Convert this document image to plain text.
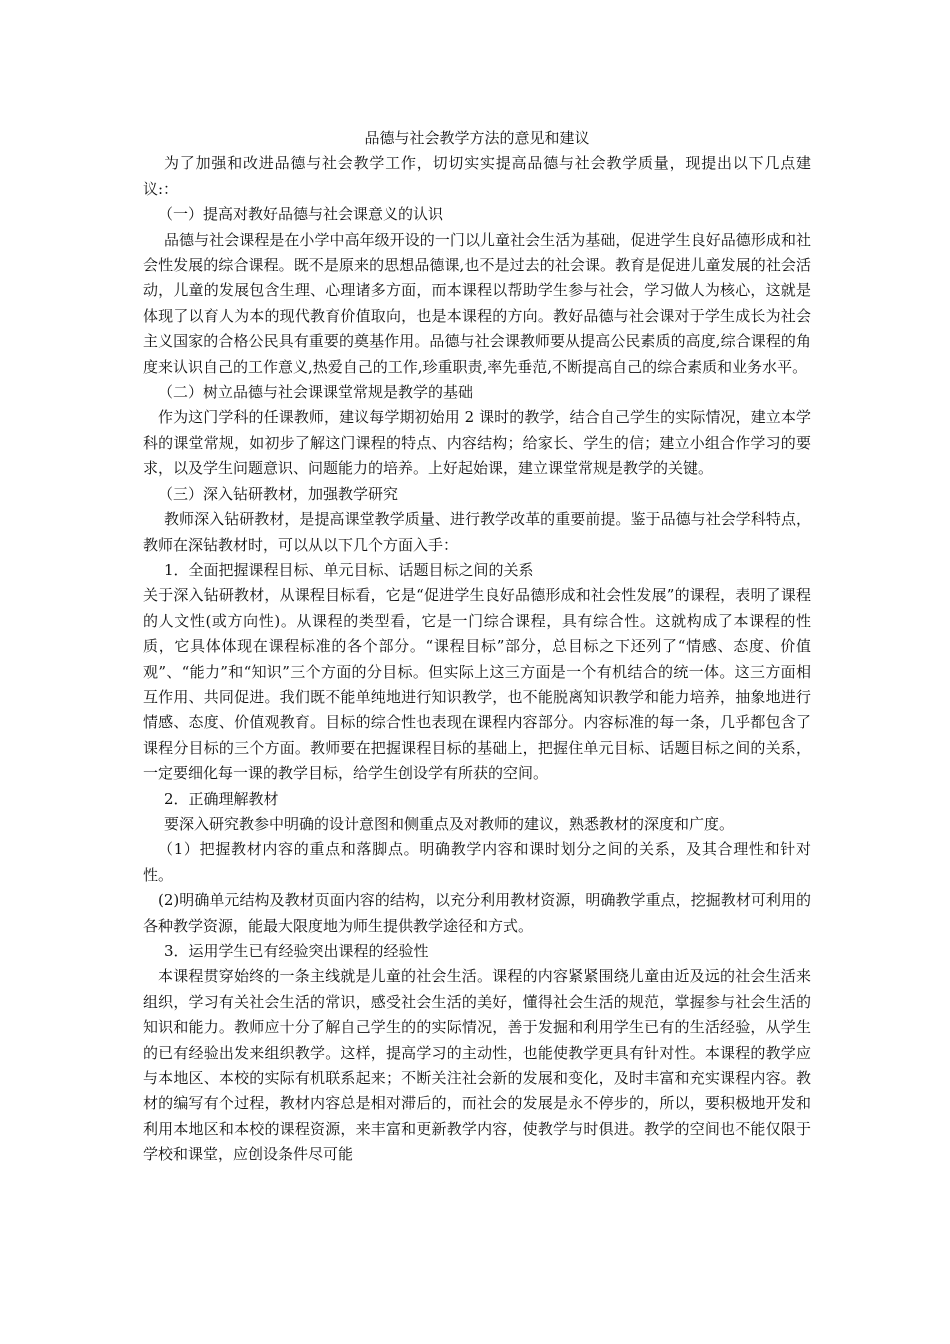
品德与社会教学方法的意见和建议

为了加强和改进品德与社会教学工作，切切实实提高品德与社会教学质量，现提出以下几点建议:：

（一）提高对教好品德与社会课意义的认识

品德与社会课程是在小学中高年级开设的一门以儿童社会生活为基础，促进学生良好品德形成和社会性发展的综合课程。既不是原来的思想品德课,也不是过去的社会课。教育是促进儿童发展的社会活动，儿童的发展包含生理、心理诸多方面，而本课程以帮助学生参与社会，学习做人为核心，这就是体现了以育人为本的现代教育价值取向，也是本课程的方向。教好品德与社会课对于学生成长为社会主义国家的合格公民具有重要的奠基作用。品德与社会课教师要从提高公民素质的高度,综合课程的角度来认识自己的工作意义,热爱自己的工作,珍重职责,率先垂范,不断提高自己的综合素质和业务水平。

（二）树立品德与社会课课堂常规是教学的基础

作为这门学科的任课教师，建议每学期初始用 2 课时的教学，结合自己学生的实际情况，建立本学科的课堂常规，如初步了解这门课程的特点、内容结构；给家长、学生的信；建立小组合作学习的要求，以及学生问题意识、问题能力的培养。上好起始课，建立课堂常规是教学的关键。

（三）深入钻研教材，加强教学研究

教师深入钻研教材，是提高课堂教学质量、进行教学改革的重要前提。鉴于品德与社会学科特点，教师在深钻教材时，可以从以下几个方面入手：

1．全面把握课程目标、单元目标、话题目标之间的关系

关于深入钻研教材，从课程目标看，它是“促进学生良好品德形成和社会性发展”的课程，表明了课程的人文性(或方向性)。从课程的类型看，它是一门综合课程，具有综合性。这就构成了本课程的性质，它具体体现在课程标准的各个部分。“课程目标”部分，总目标之下还列了“情感、态度、价值观”、“能力”和“知识”三个方面的分目标。但实际上这三方面是一个有机结合的统一体。这三方面相互作用、共同促进。我们既不能单纯地进行知识教学，也不能脱离知识教学和能力培养，抽象地进行情感、态度、价值观教育。目标的综合性也表现在课程内容部分。内容标准的每一条，几乎都包含了课程分目标的三个方面。教师要在把握课程目标的基础上，把握住单元目标、话题目标之间的关系，一定要细化每一课的教学目标，给学生创设学有所获的空间。

2．正确理解教材

要深入研究教参中明确的设计意图和侧重点及对教师的建议，熟悉教材的深度和广度。

（1）把握教材内容的重点和落脚点。明确教学内容和课时划分之间的关系，及其合理性和针对性。

(2)明确单元结构及教材页面内容的结构，以充分利用教材资源，明确教学重点，挖掘教材可利用的各种教学资源，能最大限度地为师生提供教学途径和方式。

3．运用学生已有经验突出课程的经验性

本课程贯穿始终的一条主线就是儿童的社会生活。课程的内容紧紧围绕儿童由近及远的社会生活来组织，学习有关社会生活的常识，感受社会生活的美好，懂得社会生活的规范，掌握参与社会生活的知识和能力。教师应十分了解自己学生的的实际情况，善于发掘和利用学生已有的生活经验，从学生的已有经验出发来组织教学。这样，提高学习的主动性，也能使教学更具有针对性。本课程的教学应与本地区、本校的实际有机联系起来；不断关注社会新的发展和变化，及时丰富和充实课程内容。教材的编写有个过程，教材内容总是相对滞后的，而社会的发展是永不停步的，所以，要积极地开发和利用本地区和本校的课程资源，来丰富和更新教学内容，使教学与时俱进。教学的空间也不能仅限于学校和课堂，应创设条件尽可能
